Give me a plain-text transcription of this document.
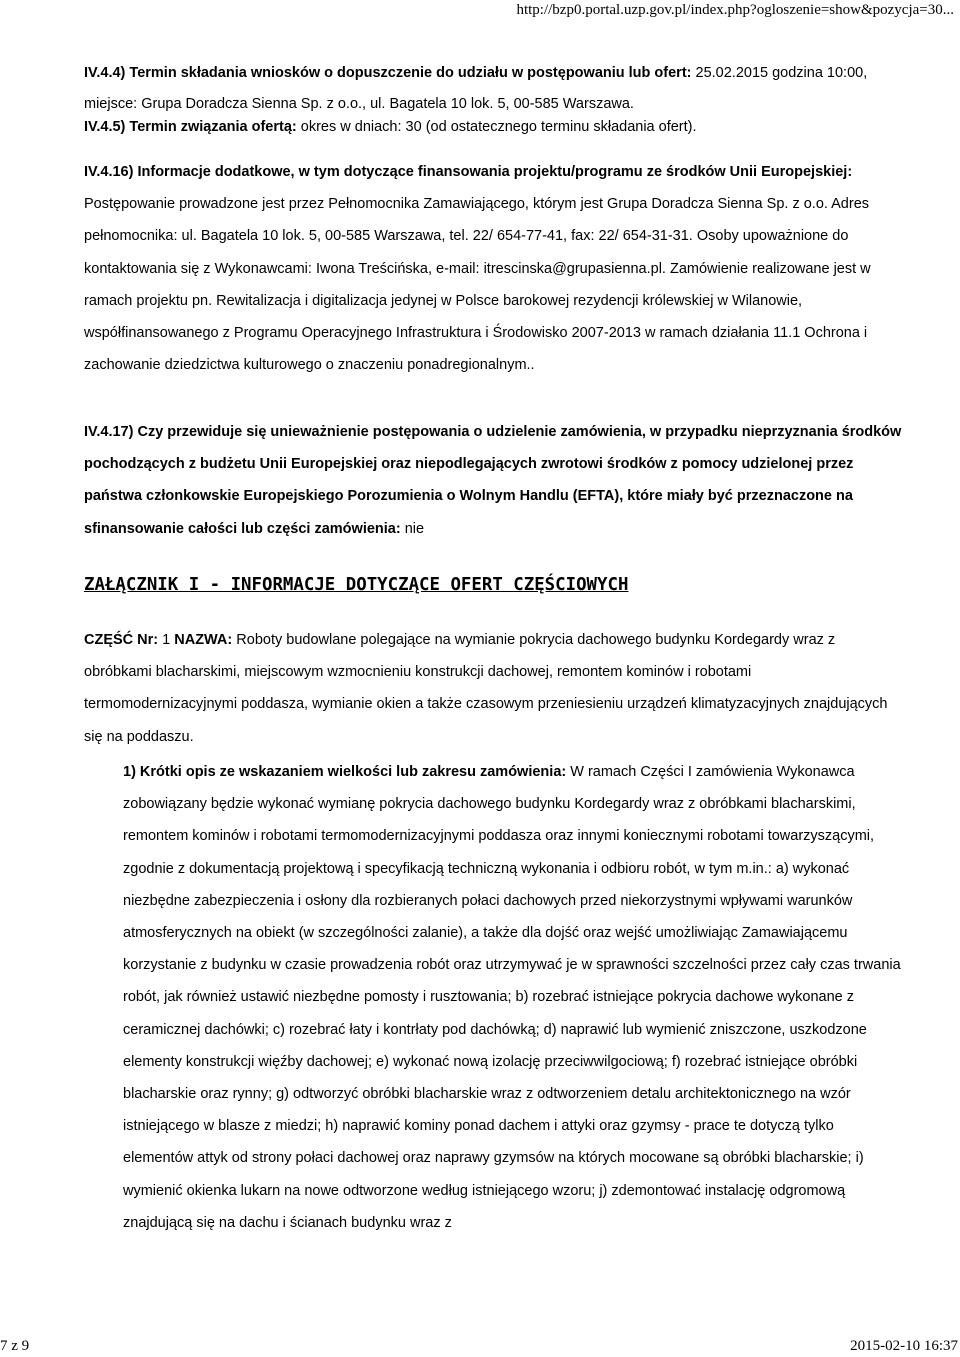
http://bzp0.portal.uzp.gov.pl/index.php?ogloszenie=show&pozycja=30...

IV.4.4) Termin składania wniosków o dopuszczenie do udziału w postępowaniu lub ofert: 25.02.2015 godzina 10:00, miejsce: Grupa Doradcza Sienna Sp. z o.o., ul. Bagatela 10 lok. 5, 00-585 Warszawa.

IV.4.5) Termin związania ofertą: okres w dniach: 30 (od ostatecznego terminu składania ofert).

IV.4.16) Informacje dodatkowe, w tym dotyczące finansowania projektu/programu ze środków Unii Europejskiej: Postępowanie prowadzone jest przez Pełnomocnika Zamawiającego, którym jest Grupa Doradcza Sienna Sp. z o.o. Adres pełnomocnika: ul. Bagatela 10 lok. 5, 00-585 Warszawa, tel. 22/ 654-77-41, fax: 22/ 654-31-31. Osoby upoważnione do kontaktowania się z Wykonawcami: Iwona Treścińska, e-mail: itrescinska@grupasienna.pl. Zamówienie realizowane jest w ramach projektu pn. Rewitalizacja i digitalizacja jedynej w Polsce barokowej rezydencji królewskiej w Wilanowie, współfinansowanego z Programu Operacyjnego Infrastruktura i Środowisko 2007-2013 w ramach działania 11.1 Ochrona i zachowanie dziedzictwa kulturowego o znaczeniu ponadregionalnym..

IV.4.17) Czy przewiduje się unieważnienie postępowania o udzielenie zamówienia, w przypadku nieprzyznania środków pochodzących z budżetu Unii Europejskiej oraz niepodlegających zwrotowi środków z pomocy udzielonej przez państwa członkowskie Europejskiego Porozumienia o Wolnym Handlu (EFTA), które miały być przeznaczone na sfinansowanie całości lub części zamówienia: nie

ZAŁĄCZNIK I - INFORMACJE DOTYCZĄCE OFERT CZĘŚCIOWYCH

CZĘŚĆ Nr: 1 NAZWA: Roboty budowlane polegające na wymianie pokrycia dachowego budynku Kordegardy wraz z obróbkami blacharskimi, miejscowym wzmocnieniu konstrukcji dachowej, remontem kominów i robotami termomodernizacyjnymi poddasza, wymianie okien a także czasowym przeniesieniu urządzeń klimatyzacyjnych znajdujących się na poddaszu.

1) Krótki opis ze wskazaniem wielkości lub zakresu zamówienia: W ramach Części I zamówienia Wykonawca zobowiązany będzie wykonać wymianę pokrycia dachowego budynku Kordegardy wraz z obróbkami blacharskimi, remontem kominów i robotami termomodernizacyjnymi poddasza oraz innymi koniecznymi robotami towarzyszącymi, zgodnie z dokumentacją projektową i specyfikacją techniczną wykonania i odbioru robót, w tym m.in.: a) wykonać niezbędne zabezpieczenia i osłony dla rozbieranych połaci dachowych przed niekorzystnymi wpływami warunków atmosferycznych na obiekt (w szczególności zalanie), a także dla dojść oraz wejść umożliwiając Zamawiającemu korzystanie z budynku w czasie prowadzenia robót oraz utrzymywać je w sprawności szczelności przez cały czas trwania robót, jak również ustawić niezbędne pomosty i rusztowania; b) rozebrać istniejące pokrycia dachowe wykonane z ceramicznej dachówki; c) rozebrać łaty i kontrłaty pod dachówką; d) naprawić lub wymienić zniszczone, uszkodzone elementy konstrukcji więźby dachowej; e) wykonać nową izolację przeciwwilgociową; f) rozebrać istniejące obróbki blacharskie oraz rynny; g) odtworzyć obróbki blacharskie wraz z odtworzeniem detalu architektonicznego na wzór istniejącego w blasze z miedzi; h) naprawić kominy ponad dachem i attyki oraz gzymsy - prace te dotyczą tylko elementów attyk od strony połaci dachowej oraz naprawy gzymsów na których mocowane są obróbki blacharskie; i) wymienić okienka lukarn na nowe odtworzone według istniejącego wzoru; j) zdemontować instalację odgromową znajdującą się na dachu i ścianach budynku wraz z

7 z 9	2015-02-10 16:37
